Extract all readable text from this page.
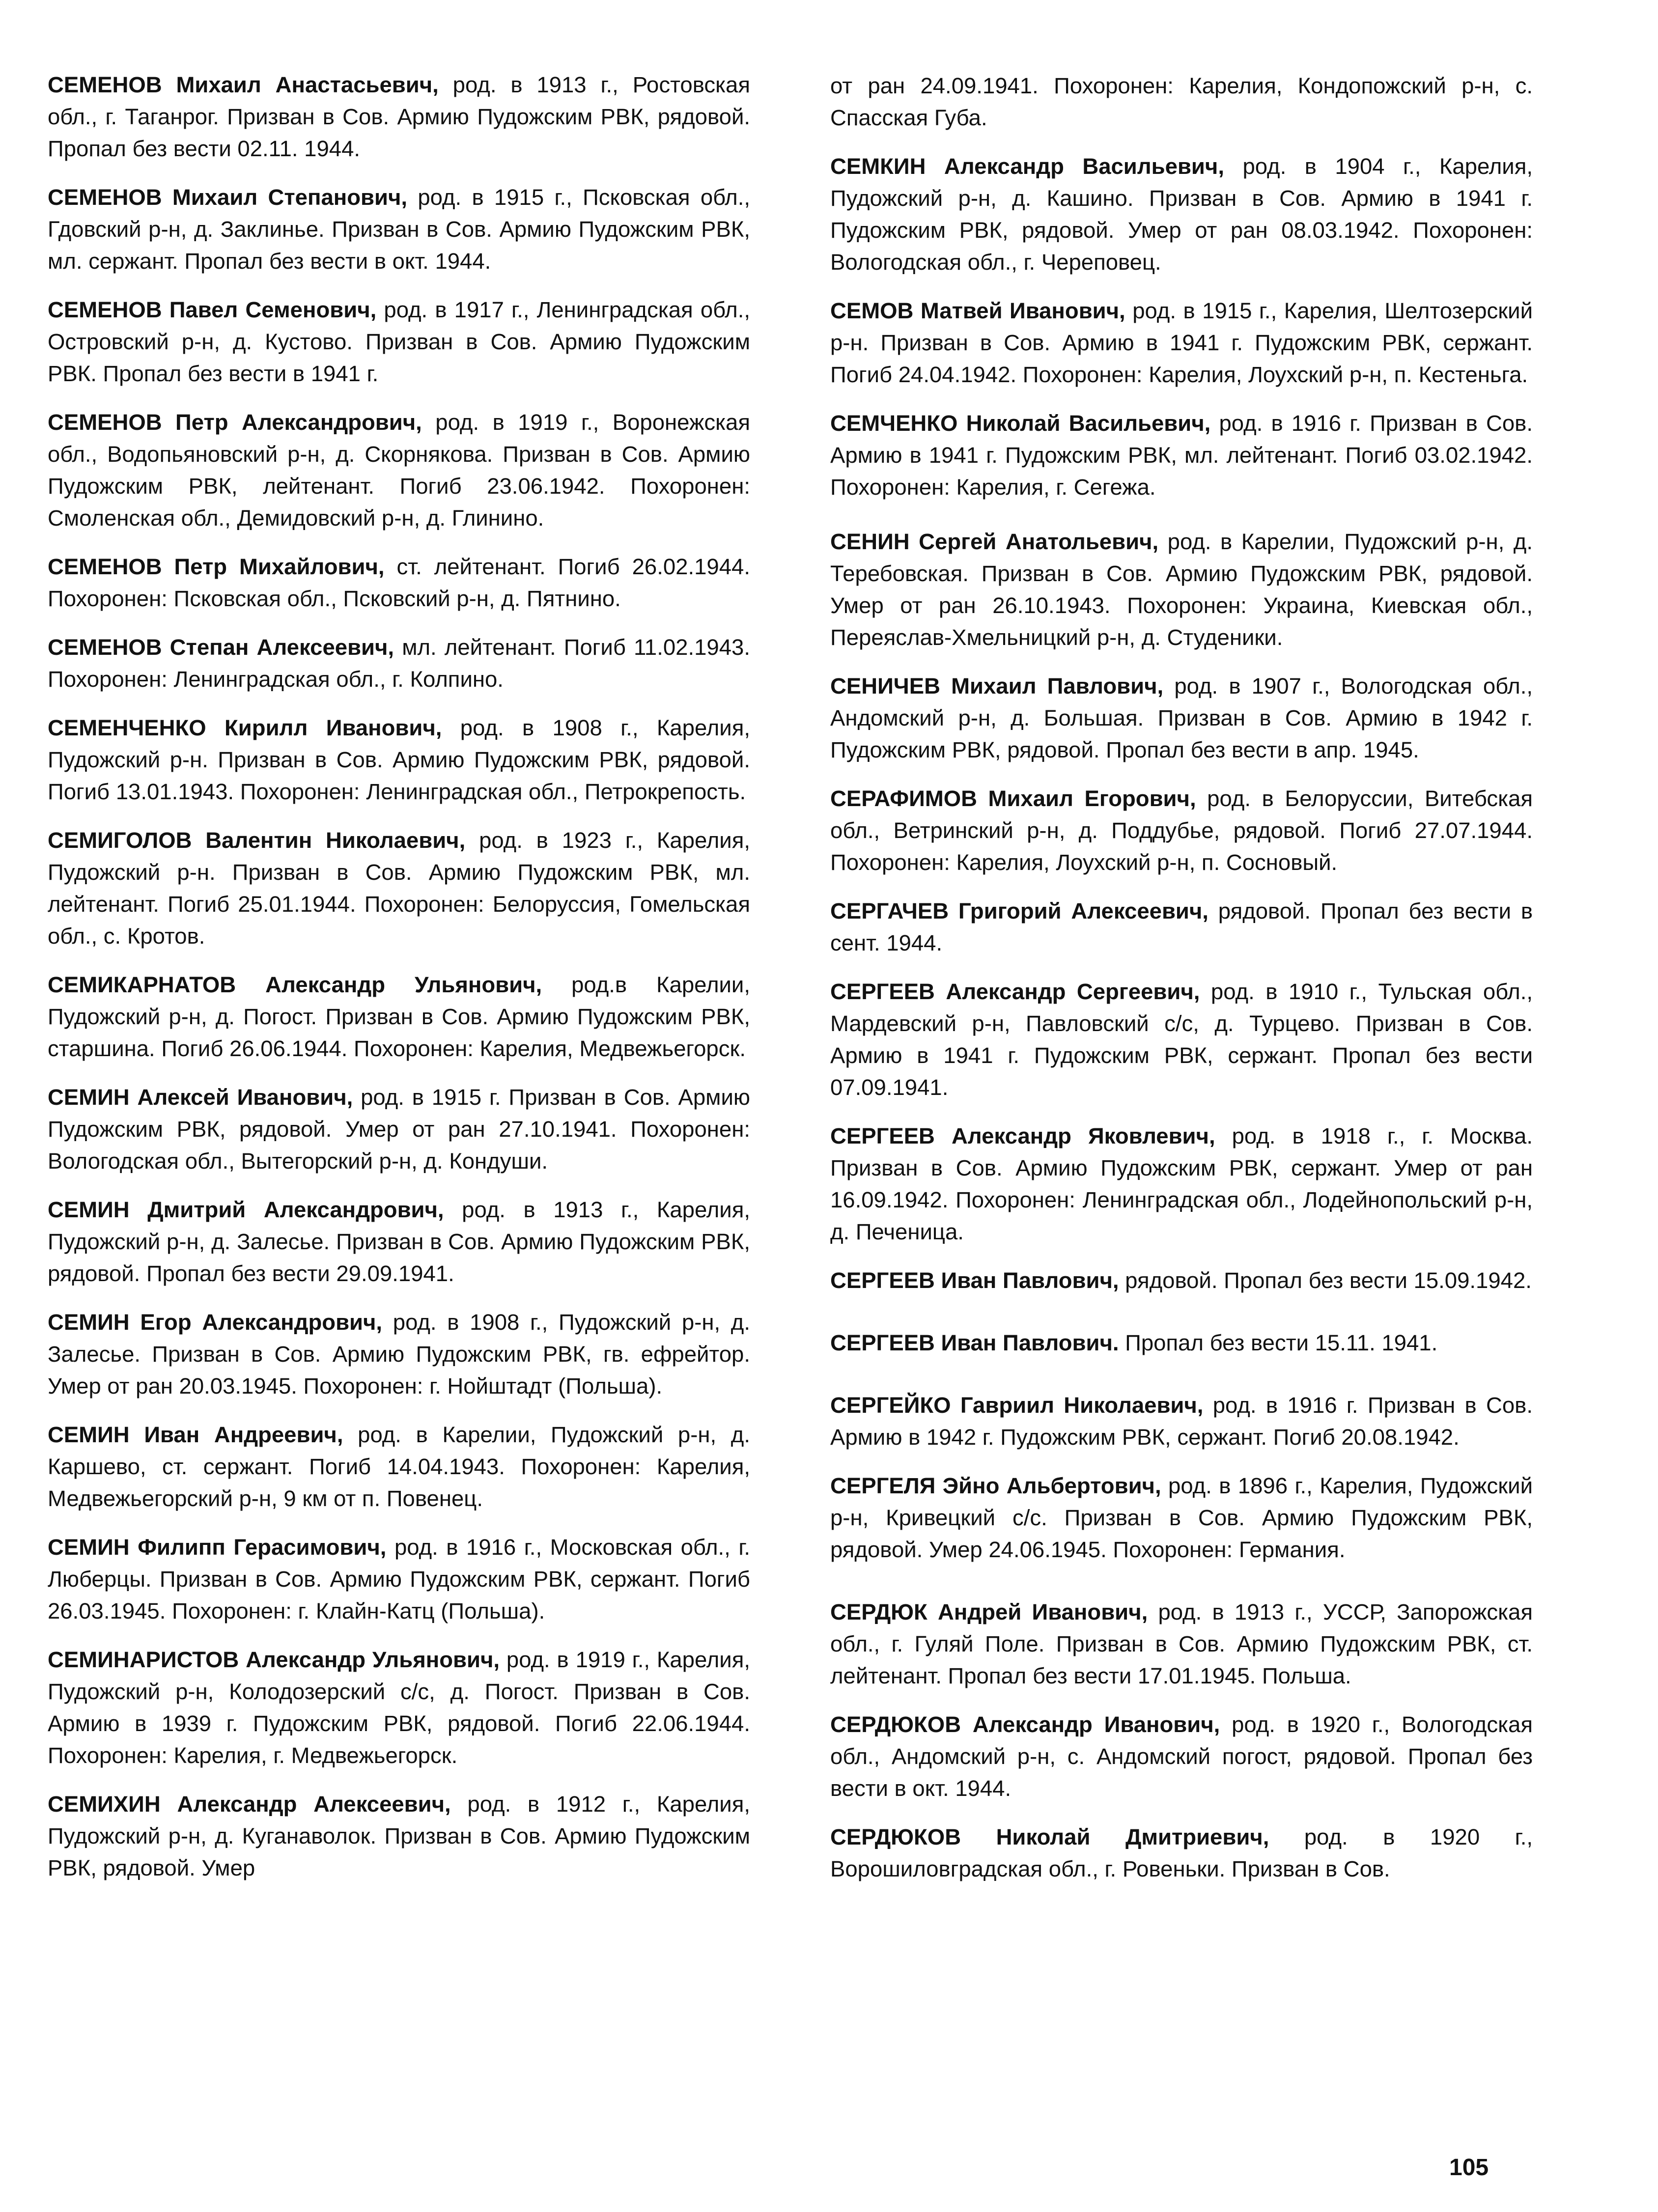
СЕМЕНОВ Михаил Анастасьевич, род. в 1913 г., Ростовская обл., г. Таганрог. Призван в Сов. Армию Пудожским РВК, рядовой. Пропал без вести 02.11. 1944.

СЕМЕНОВ Михаил Степанович, род. в 1915 г., Псковская обл., Гдовский р-н, д. Заклинье. Призван в Сов. Армию Пудожским РВК, мл. сержант. Пропал без вести в окт. 1944.

СЕМЕНОВ Павел Семенович, род. в 1917 г., Ленинградская обл., Островский р-н, д. Кустово. Призван в Сов. Армию Пудожским РВК. Пропал без вести в 1941 г.

СЕМЕНОВ Петр Александрович, род. в 1919 г., Воронежская обл., Водопьяновский р-н, д. Скорнякова. Призван в Сов. Армию Пудожским РВК, лейтенант. Погиб 23.06.1942. Похоронен: Смоленская обл., Демидовский р-н, д. Глинино.

СЕМЕНОВ Петр Михайлович, ст. лейтенант. Погиб 26.02.1944. Похоронен: Псковская обл., Псковский р-н, д. Пятнино.

СЕМЕНОВ Степан Алексеевич, мл. лейтенант. Погиб 11.02.1943. Похоронен: Ленинградская обл., г. Колпино.

СЕМЕНЧЕНКО Кирилл Иванович, род. в 1908 г., Карелия, Пудожский р-н. Призван в Сов. Армию Пудожским РВК, рядовой. Погиб 13.01.1943. Похоронен: Ленинградская обл., Петрокрепость.

СЕМИГОЛОВ Валентин Николаевич, род. в 1923 г., Карелия, Пудожский р-н. Призван в Сов. Армию Пудожским РВК, мл. лейтенант. Погиб 25.01.1944. Похоронен: Белоруссия, Гомельская обл., с. Кротов.

СЕМИКАРНАТОВ Александр Ульянович, род.в Карелии, Пудожский р-н, д. Погост. Призван в Сов. Армию Пудожским РВК, старшина. Погиб 26.06.1944. Похоронен: Карелия, Медвежьегорск.

СЕМИН Алексей Иванович, род. в 1915 г. Призван в Сов. Армию Пудожским РВК, рядовой. Умер от ран 27.10.1941. Похоронен: Вологодская обл., Вытегорский р-н, д. Кондуши.

СЕМИН Дмитрий Александрович, род. в 1913 г., Карелия, Пудожский р-н, д. Залесье. Призван в Сов. Армию Пудожским РВК, рядовой. Пропал без вести 29.09.1941.

СЕМИН Егор Александрович, род. в 1908 г., Пудожский р-н, д. Залесье. Призван в Сов. Армию Пудожским РВК, гв. ефрейтор. Умер от ран 20.03.1945. Похоронен: г. Нойштадт (Польша).

СЕМИН Иван Андреевич, род. в Карелии, Пудожский р-н, д. Каршево, ст. сержант. Погиб 14.04.1943. Похоронен: Карелия, Медвежьегорский р-н, 9 км от п. Повенец.

СЕМИН Филипп Герасимович, род. в 1916 г., Московская обл., г. Люберцы. Призван в Сов. Армию Пудожским РВК, сержант. Погиб 26.03.1945. Похоронен: г. Клайн-Катц (Польша).

СЕМИНАРИСТОВ Александр Ульянович, род. в 1919 г., Карелия, Пудожский р-н, Колодозерский с/с, д. Погост. Призван в Сов. Армию в 1939 г. Пудожским РВК, рядовой. Погиб 22.06.1944. Похоронен: Карелия, г. Медвежьегорск.

СЕМИХИН Александр Алексеевич, род. в 1912 г., Карелия, Пудожский р-н, д. Куганаволок. Призван в Сов. Армию Пудожским РВК, рядовой. Умер

от ран 24.09.1941. Похоронен: Карелия, Кондопожский р-н, с. Спасская Губа.

СЕМКИН Александр Васильевич, род. в 1904 г., Карелия, Пудожский р-н, д. Кашино. Призван в Сов. Армию в 1941 г. Пудожским РВК, рядовой. Умер от ран 08.03.1942. Похоронен: Вологодская обл., г. Череповец.

СЕМОВ Матвей Иванович, род. в 1915 г., Карелия, Шелтозерский р-н. Призван в Сов. Армию в 1941 г. Пудожским РВК, сержант. Погиб 24.04.1942. Похоронен: Карелия, Лоухский р-н, п. Кестеньга.

СЕМЧЕНКО Николай Васильевич, род. в 1916 г. Призван в Сов. Армию в 1941 г. Пудожским РВК, мл. лейтенант. Погиб 03.02.1942. Похоронен: Карелия, г. Сегежа.

СЕНИН Сергей Анатольевич, род. в Карелии, Пудожский р-н, д. Теребовская. Призван в Сов. Армию Пудожским РВК, рядовой. Умер от ран 26.10.1943. Похоронен: Украина, Киевская обл., Переяслав-Хмельницкий р-н, д. Студеники.

СЕНИЧЕВ Михаил Павлович, род. в 1907 г., Вологодская обл., Андомский р-н, д. Большая. Призван в Сов. Армию в 1942 г. Пудожским РВК, рядовой. Пропал без вести в апр. 1945.

СЕРАФИМОВ Михаил Егорович, род. в Белоруссии, Витебская обл., Ветринский р-н, д. Поддубье, рядовой. Погиб 27.07.1944. Похоронен: Карелия, Лоухский р-н, п. Сосновый.

СЕРГАЧЕВ Григорий Алексеевич, рядовой. Пропал без вести в сент. 1944.

СЕРГЕЕВ Александр Сергеевич, род. в 1910 г., Тульская обл., Мардевский р-н, Павловский с/с, д. Турцево. Призван в Сов. Армию в 1941 г. Пудожским РВК, сержант. Пропал без вести 07.09.1941.

СЕРГЕЕВ Александр Яковлевич, род. в 1918 г., г. Москва. Призван в Сов. Армию Пудожским РВК, сержант. Умер от ран 16.09.1942. Похоронен: Ленинградская обл., Лодейнопольский р-н, д. Печеница.

СЕРГЕЕВ Иван Павлович, рядовой. Пропал без вести 15.09.1942.

СЕРГЕЕВ Иван Павлович. Пропал без вести 15.11. 1941.

СЕРГЕЙКО Гавриил Николаевич, род. в 1916 г. Призван в Сов. Армию в 1942 г. Пудожским РВК, сержант. Погиб 20.08.1942.

СЕРГЕЛЯ Эйно Альбертович, род. в 1896 г., Карелия, Пудожский р-н, Кривецкий с/с. Призван в Сов. Армию Пудожским РВК, рядовой. Умер 24.06.1945. Похоронен: Германия.

СЕРДЮК Андрей Иванович, род. в 1913 г., УССР, Запорожская обл., г. Гуляй Поле. Призван в Сов. Армию Пудожским РВК, ст. лейтенант. Пропал без вести 17.01.1945. Польша.

СЕРДЮКОВ Александр Иванович, род. в 1920 г., Вологодская обл., Андомский р-н, с. Андомский погост, рядовой. Пропал без вести в окт. 1944.

СЕРДЮКОВ Николай Дмитриевич, род. в 1920 г., Ворошиловградская обл., г. Ровеньки. Призван в Сов.

105
